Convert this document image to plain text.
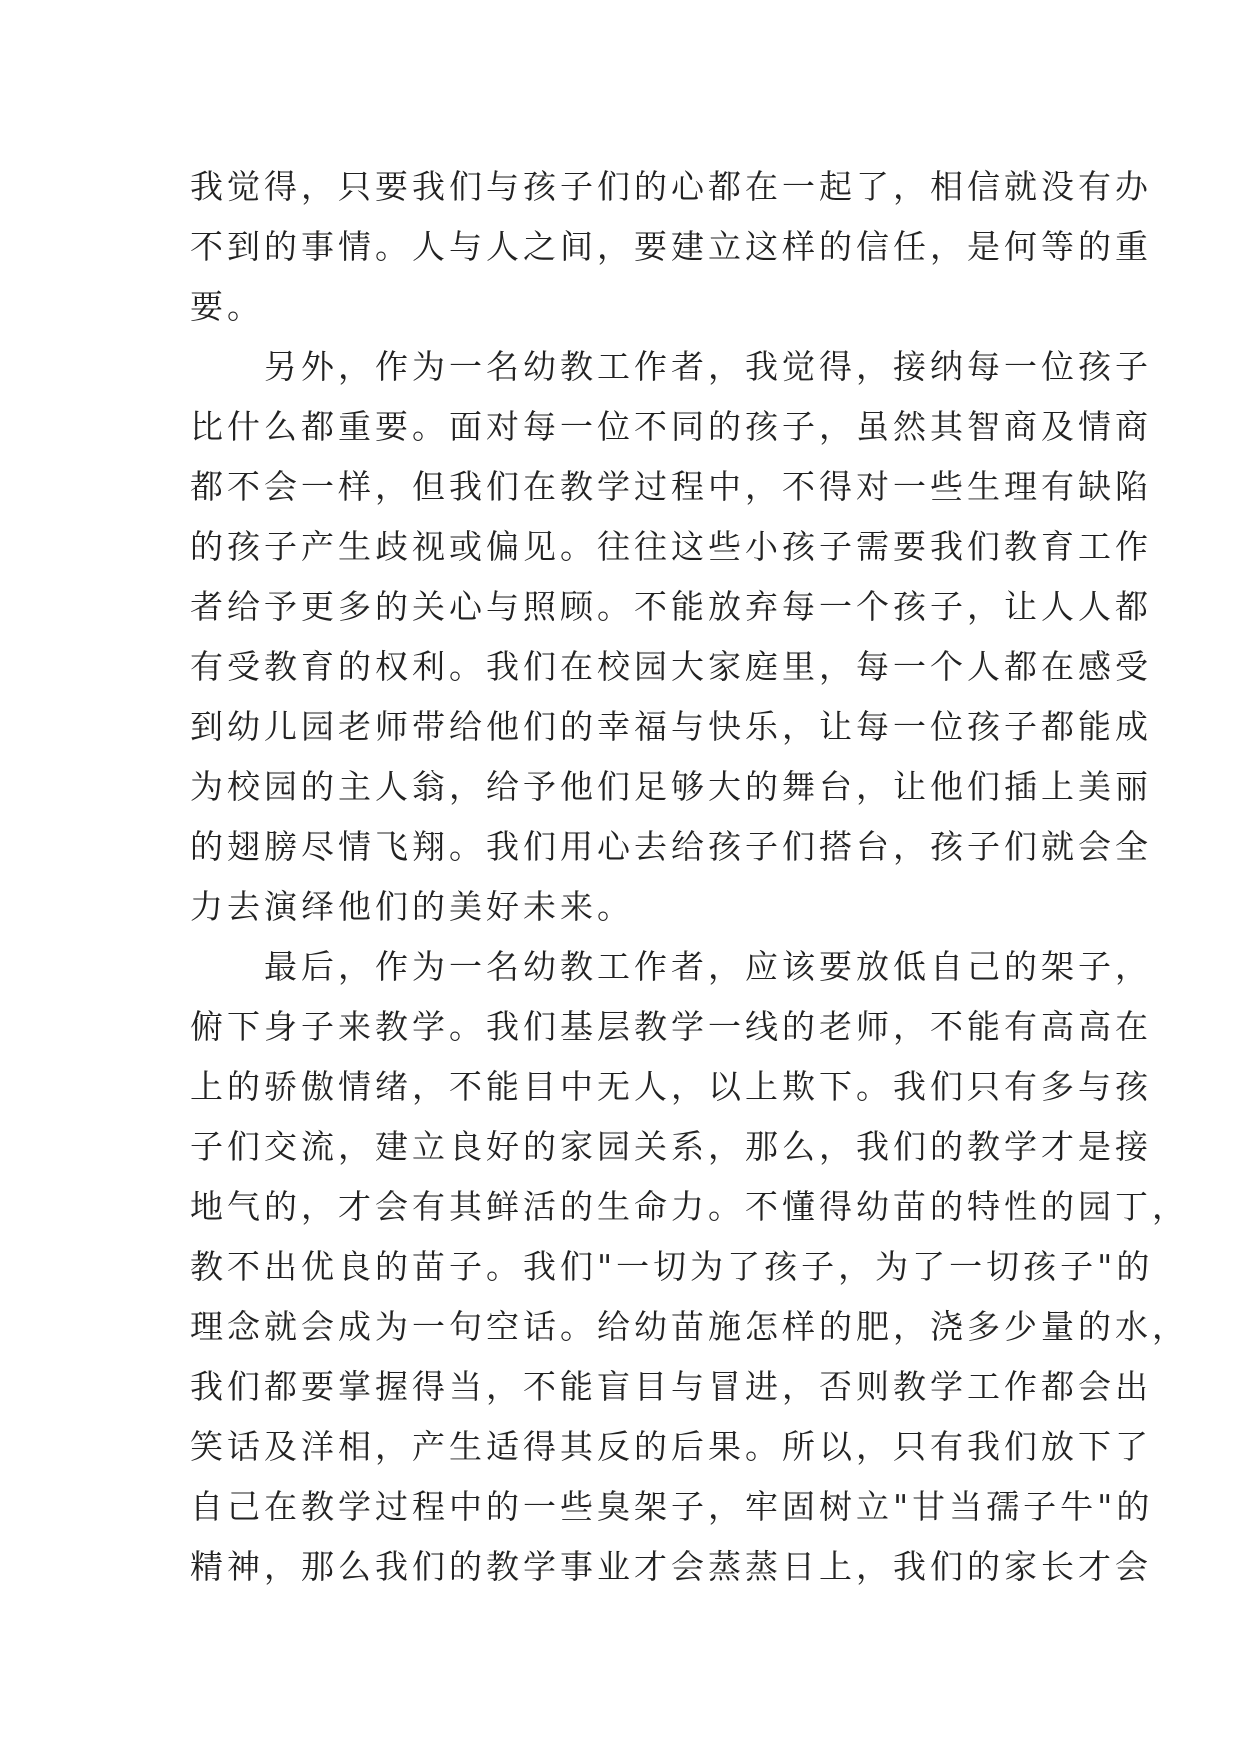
我觉得，只要我们与孩子们的心都在一起了，相信就没有办
不到的事情。人与人之间，要建立这样的信任，是何等的重
要。
　　另外，作为一名幼教工作者，我觉得，接纳每一位孩子
比什么都重要。面对每一位不同的孩子，虽然其智商及情商
都不会一样，但我们在教学过程中，不得对一些生理有缺陷
的孩子产生歧视或偏见。往往这些小孩子需要我们教育工作
者给予更多的关心与照顾。不能放弃每一个孩子，让人人都
有受教育的权利。我们在校园大家庭里，每一个人都在感受
到幼儿园老师带给他们的幸福与快乐，让每一位孩子都能成
为校园的主人翁，给予他们足够大的舞台，让他们插上美丽
的翅膀尽情飞翔。我们用心去给孩子们搭台，孩子们就会全
力去演绎他们的美好未来。
　　最后，作为一名幼教工作者，应该要放低自己的架子，
俯下身子来教学。我们基层教学一线的老师，不能有高高在
上的骄傲情绪，不能目中无人，以上欺下。我们只有多与孩
子们交流，建立良好的家园关系，那么，我们的教学才是接
地气的，才会有其鲜活的生命力。不懂得幼苗的特性的园丁，
教不出优良的苗子。我们"一切为了孩子，为了一切孩子"的
理念就会成为一句空话。给幼苗施怎样的肥，浇多少量的水，
我们都要掌握得当，不能盲目与冒进，否则教学工作都会出
笑话及洋相，产生适得其反的后果。所以，只有我们放下了
自己在教学过程中的一些臭架子，牢固树立"甘当孺子牛"的
精神，那么我们的教学事业才会蒸蒸日上，我们的家长才会
